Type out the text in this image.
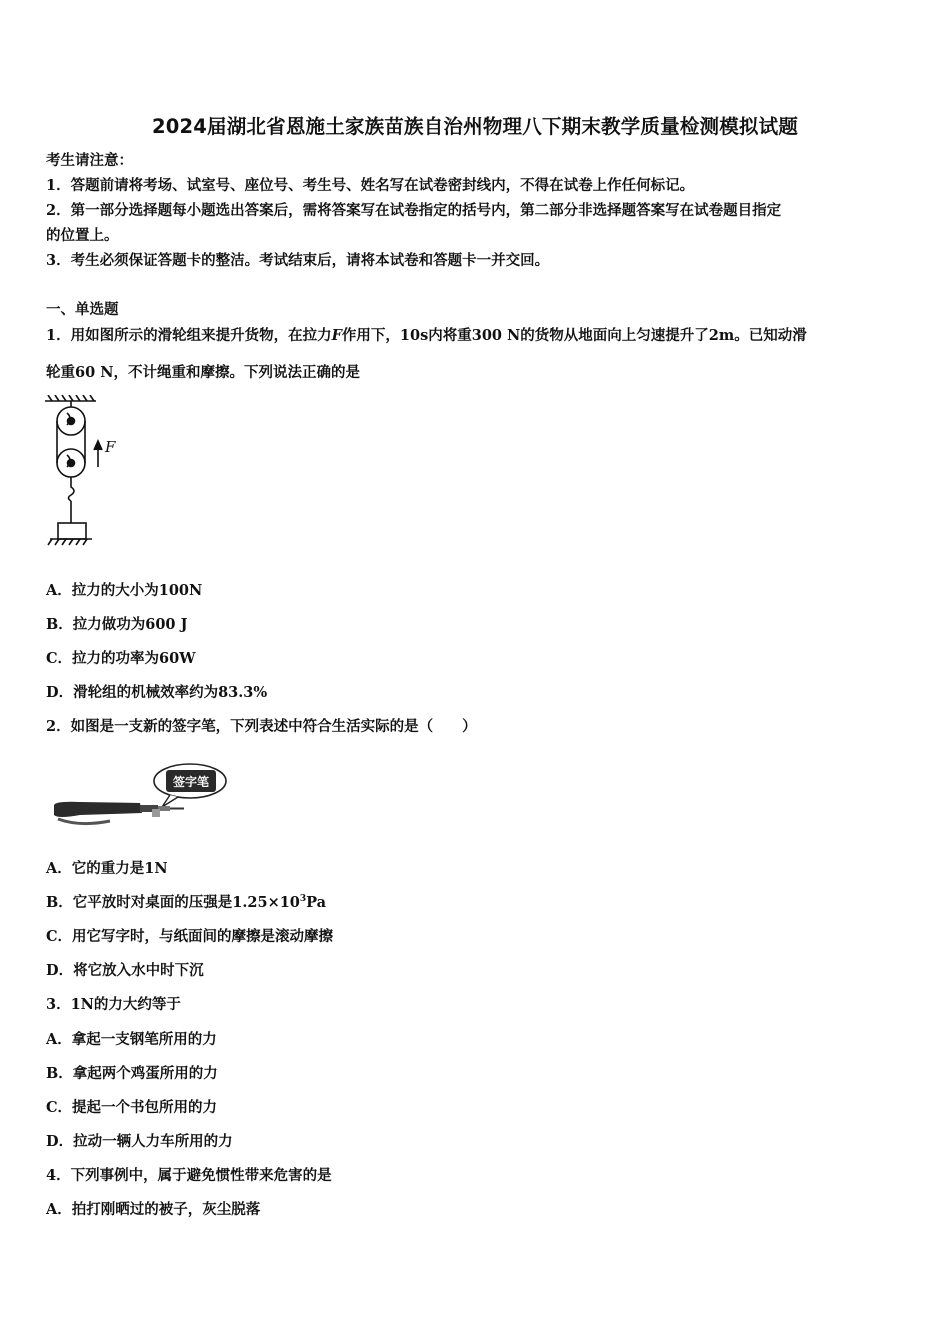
2024届湖北省恩施土家族苗族自治州物理八下期末教学质量检测模拟试题
考生请注意：
1．答题前请将考场、试室号、座位号、考生号、姓名写在试卷密封线内，不得在试卷上作任何标记。
2．第一部分选择题每小题选出答案后，需将答案写在试卷指定的括号内，第二部分非选择题答案写在试卷题目指定
的位置上。
3．考生必须保证答题卡的整洁。考试结束后，请将本试卷和答题卡一并交回。
一、单选题
1．用如图所示的滑轮组来提升货物，在拉力F作用下，10s内将重300 N的货物从地面向上匀速提升了2m。已知动滑
轮重60 N，不计绳重和摩擦。下列说法正确的是
F
A．拉力的大小为100N
B．拉力做功为600 J
C．拉力的功率为60W
D．滑轮组的机械效率约为83.3%
2．如图是一支新的签字笔，下列表述中符合生活实际的是（　　）
签字笔
A．它的重力是1N
B．它平放时对桌面的压强是$1.25\times 10^3Pa$
C．用它写字时，与纸面间的摩擦是滚动摩擦
D．将它放入水中时下沉
3．1N的力大约等于
A．拿起一支钢笔所用的力
B．拿起两个鸡蛋所用的力
C．提起一个书包所用的力
D．拉动一辆人力车所用的力
4．下列事例中，属于避免惯性带来危害的是
A．拍打刚晒过的被子，灰尘脱落
